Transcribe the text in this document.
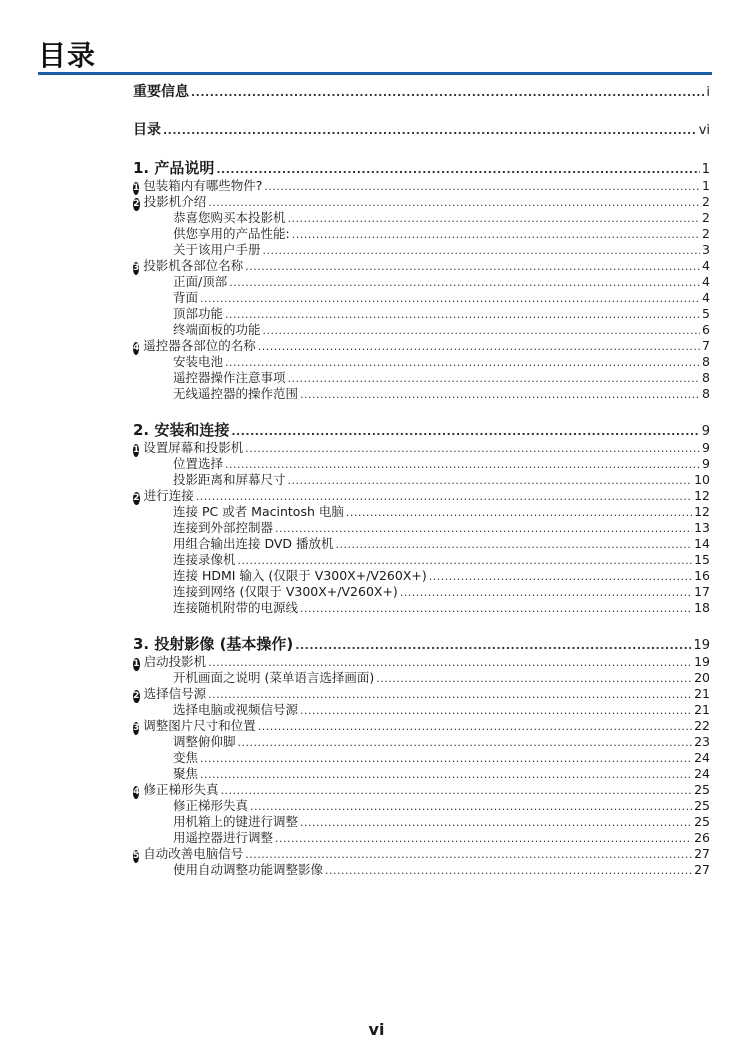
目录
重要信息 .....	i
目录 .....	vi
1. 产品说明 .....	1
1 包装箱内有哪些物件? .....	1
2 投影机介绍 .....	2
恭喜您购买本投影机 .....	2
供您享用的产品性能: .....	2
关于该用户手册 .....	3
3 投影机各部位名称 .....	4
正面/顶部 .....	4
背面 .....	4
顶部功能 .....	5
终端面板的功能 .....	6
4 遥控器各部位的名称 .....	7
安装电池 .....	8
遥控器操作注意事项 .....	8
无线遥控器的操作范围 .....	8
2. 安装和连接 .....	9
1 设置屏幕和投影机 .....	9
位置选择 .....	9
投影距离和屏幕尺寸 .....	10
2 进行连接 .....	12
连接 PC 或者 Macintosh 电脑 .....	12
连接到外部控制器 .....	13
用组合输出连接 DVD 播放机 .....	14
连接录像机 .....	15
连接 HDMI 输入 (仅限于 V300X+/V260X+) .....	16
连接到网络 (仅限于 V300X+/V260X+) .....	17
连接随机附带的电源线 .....	18
3. 投射影像 (基本操作) .....	19
1 启动投影机 .....	19
开机画面之说明 (菜单语言选择画面) .....	20
2 选择信号源 .....	21
选择电脑或视频信号源 .....	21
3 调整图片尺寸和位置 .....	22
调整俯仰脚 .....	23
变焦 .....	24
聚焦 .....	24
4 修正梯形失真 .....	25
修正梯形失真 .....	25
用机箱上的键进行调整 .....	25
用遥控器进行调整 .....	26
5 自动改善电脑信号 .....	27
使用自动调整功能调整影像 .....	27
vi
